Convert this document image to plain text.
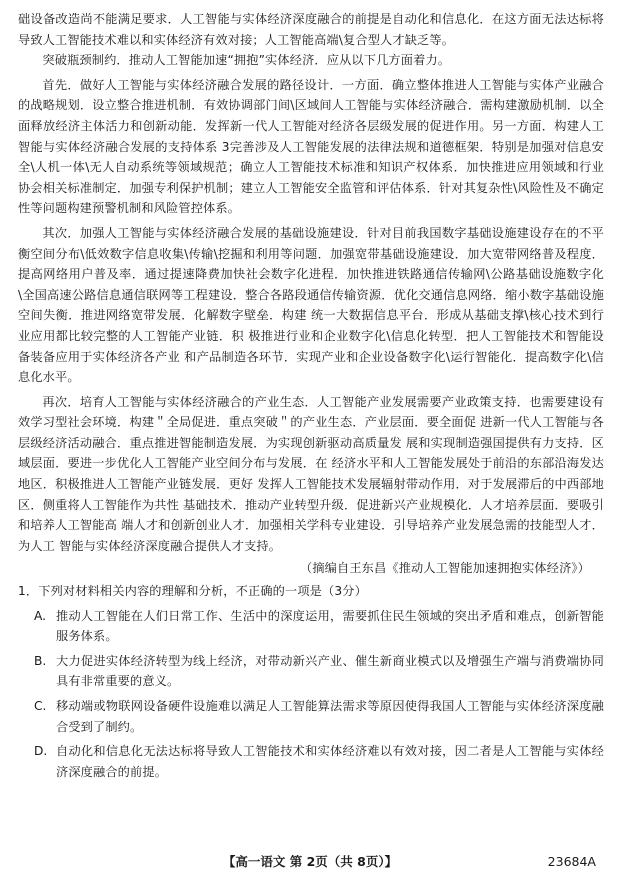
础设备改造尚不能满足要求．人工智能与实体经济深度融合的前提是自动化和信息化．在这方面无法达标将导致人工智能技术难以和实体经济有效对接；人工智能高端\复合型人才缺乏等。

突破瓶颈制约．推动人工智能加速“拥抱”实体经济．应从以下几方面着力。

首先．做好人工智能与实体经济融合发展的路径设计．一方面．确立整体推进人工智能与实体产业融合的战略规划．设立整合推进机制．有效协调部门间\区域间人工智能与实体经济融合．需构建激励机制．以全面释放经济主体活力和创新动能．发挥新一代人工智能对经济各层级发展的促进作用。另一方面．构建人工智能与实体经济融合发展的支持体系 3完善涉及人工智能发展的法律法规和道德框架．特别是加强对信息安全\人机一体\无人自动系统等领域规范；确立人工智能技术标准和知识产权体系．加快推进应用领域和行业协会相关标准制定．加强专利保护机制；建立人工智能安全监管和评估体系．针对其复杂性\风险性及不确定性等问题构建预警机制和风险管控体系。

其次．加强人工智能与实体经济融合发展的基础设施建设．针对目前我国数字基础设施建设存在的不平衡空间分布\低效数字信息收集\传输\挖掘和利用等问题．加强宽带基础设施建设．加大宽带网络普及程度．提高网络用户普及率．通过提速降费加快社会数字化进程．加快推进铁路通信传输网\公路基础设施数字化\全国高速公路信息通信联网等工程建设．整合各路段通信传输资源．优化交通信息网络．缩小数字基础设施空间失衡．推进网络宽带发展．化解数字壁垒．构建 统一大数据信息平台．形成从基础支撑\核心技术到行业应用都比较完整的人工智能产业链．积 极推进行业和企业数字化\信息化转型．把人工智能技术和智能设备装备应用于实体经济各产业 和产品制造各环节．实现产业和企业设备数字化\运行智能化．提高数字化\信息化水平。

再次．培育人工智能与实体经济融合的产业生态．人工智能产业发展需要产业政策支持．也需要建设有效学习型社会环境．构建＂全局促进．重点突破＂的产业生态．产业层面．要全面促 进新一代人工智能与各层级经济活动融合．重点推进智能制造发展．为实现创新驱动高质量发 展和实现制造强国提供有力支持．区域层面．要进一步优化人工智能产业空间分布与发展．在 经济水平和人工智能发展处于前沿的东部沿海发达地区．积极推进人工智能产业链发展．更好 发挥人工智能技术发展辐射带动作用．对于发展滞后的中西部地区．侧重将人工智能作为共性 基础技术．推动产业转型升级．促进新兴产业规模化．人才培养层面．要吸引和培养人工智能高 端人才和创新创业人才．加强相关学科专业建设．引导培养产业发展急需的技能型人才．为人工 智能与实体经济深度融合提供人才支持。

（摘编自王东昌《推动人工智能加速拥抱实体经济》）

1．下列对材料相关内容的理解和分析，不正确的一项是（3分）

A. 推动人工智能在人们日常工作、生活中的深度运用，需要抓住民生领域的突出矛盾和难点，创新智能服务体系。
B. 大力促进实体经济转型为线上经济，对带动新兴产业、催生新商业模式以及增强生产端与消费端协同具有非常重要的意义。
C. 移动端或物联网设备硬件设施难以满足人工智能算法需求等原因使得我国人工智能与实体经济深度融合受到了制约。
D. 自动化和信息化无法达标将导致人工智能技术和实体经济难以有效对接，因二者是人工智能与实体经济深度融合的前提。
【高一语文 第 2页（共 8页）】	23684A
